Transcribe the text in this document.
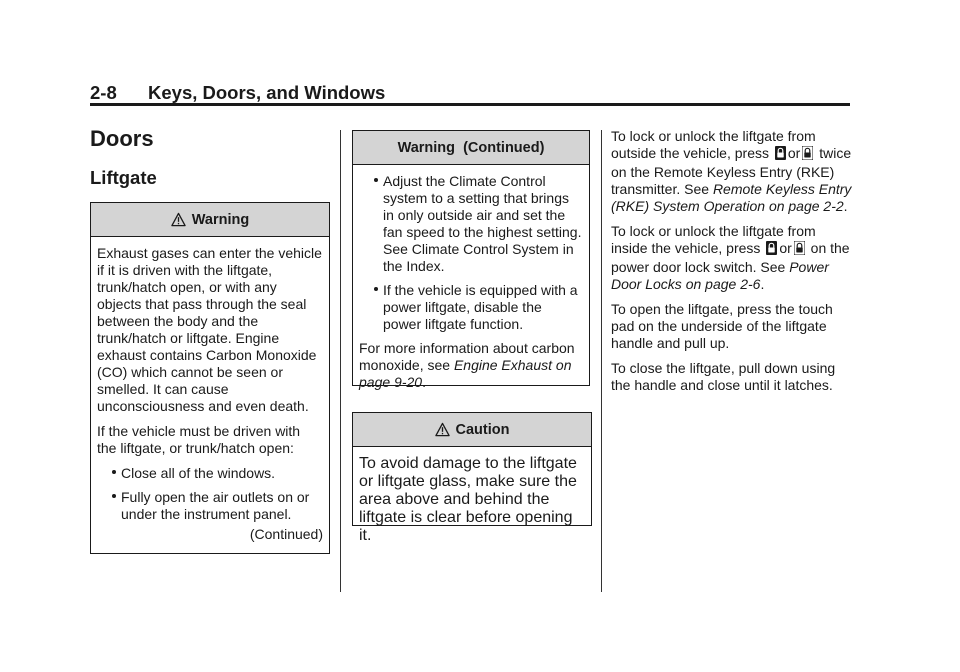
2-8 Keys, Doors, and Windows
Doors
Liftgate
Warning

Exhaust gases can enter the vehicle if it is driven with the liftgate, trunk/hatch open, or with any objects that pass through the seal between the body and the trunk/hatch or liftgate. Engine exhaust contains Carbon Monoxide (CO) which cannot be seen or smelled. It can cause unconsciousness and even death.

If the vehicle must be driven with the liftgate, or trunk/hatch open:

Close all of the windows.
Fully open the air outlets on or under the instrument panel.
(Continued)
Warning  (Continued)
Adjust the Climate Control system to a setting that brings in only outside air and set the fan speed to the highest setting. See Climate Control System in the Index.
If the vehicle is equipped with a power liftgate, disable the power liftgate function.

For more information about carbon monoxide, see Engine Exhaust on page 9-20.

Caution

To avoid damage to the liftgate or liftgate glass, make sure the area above and behind the liftgate is clear before opening it.

To lock or unlock the liftgate from outside the vehicle, press or twice on the Remote Keyless Entry (RKE) transmitter. See Remote Keyless Entry (RKE) System Operation on page 2-2.

To lock or unlock the liftgate from inside the vehicle, press or on the power door lock switch. See Power Door Locks on page 2-6.

To open the liftgate, press the touch pad on the underside of the liftgate handle and pull up.

To close the liftgate, pull down using the handle and close until it latches.
